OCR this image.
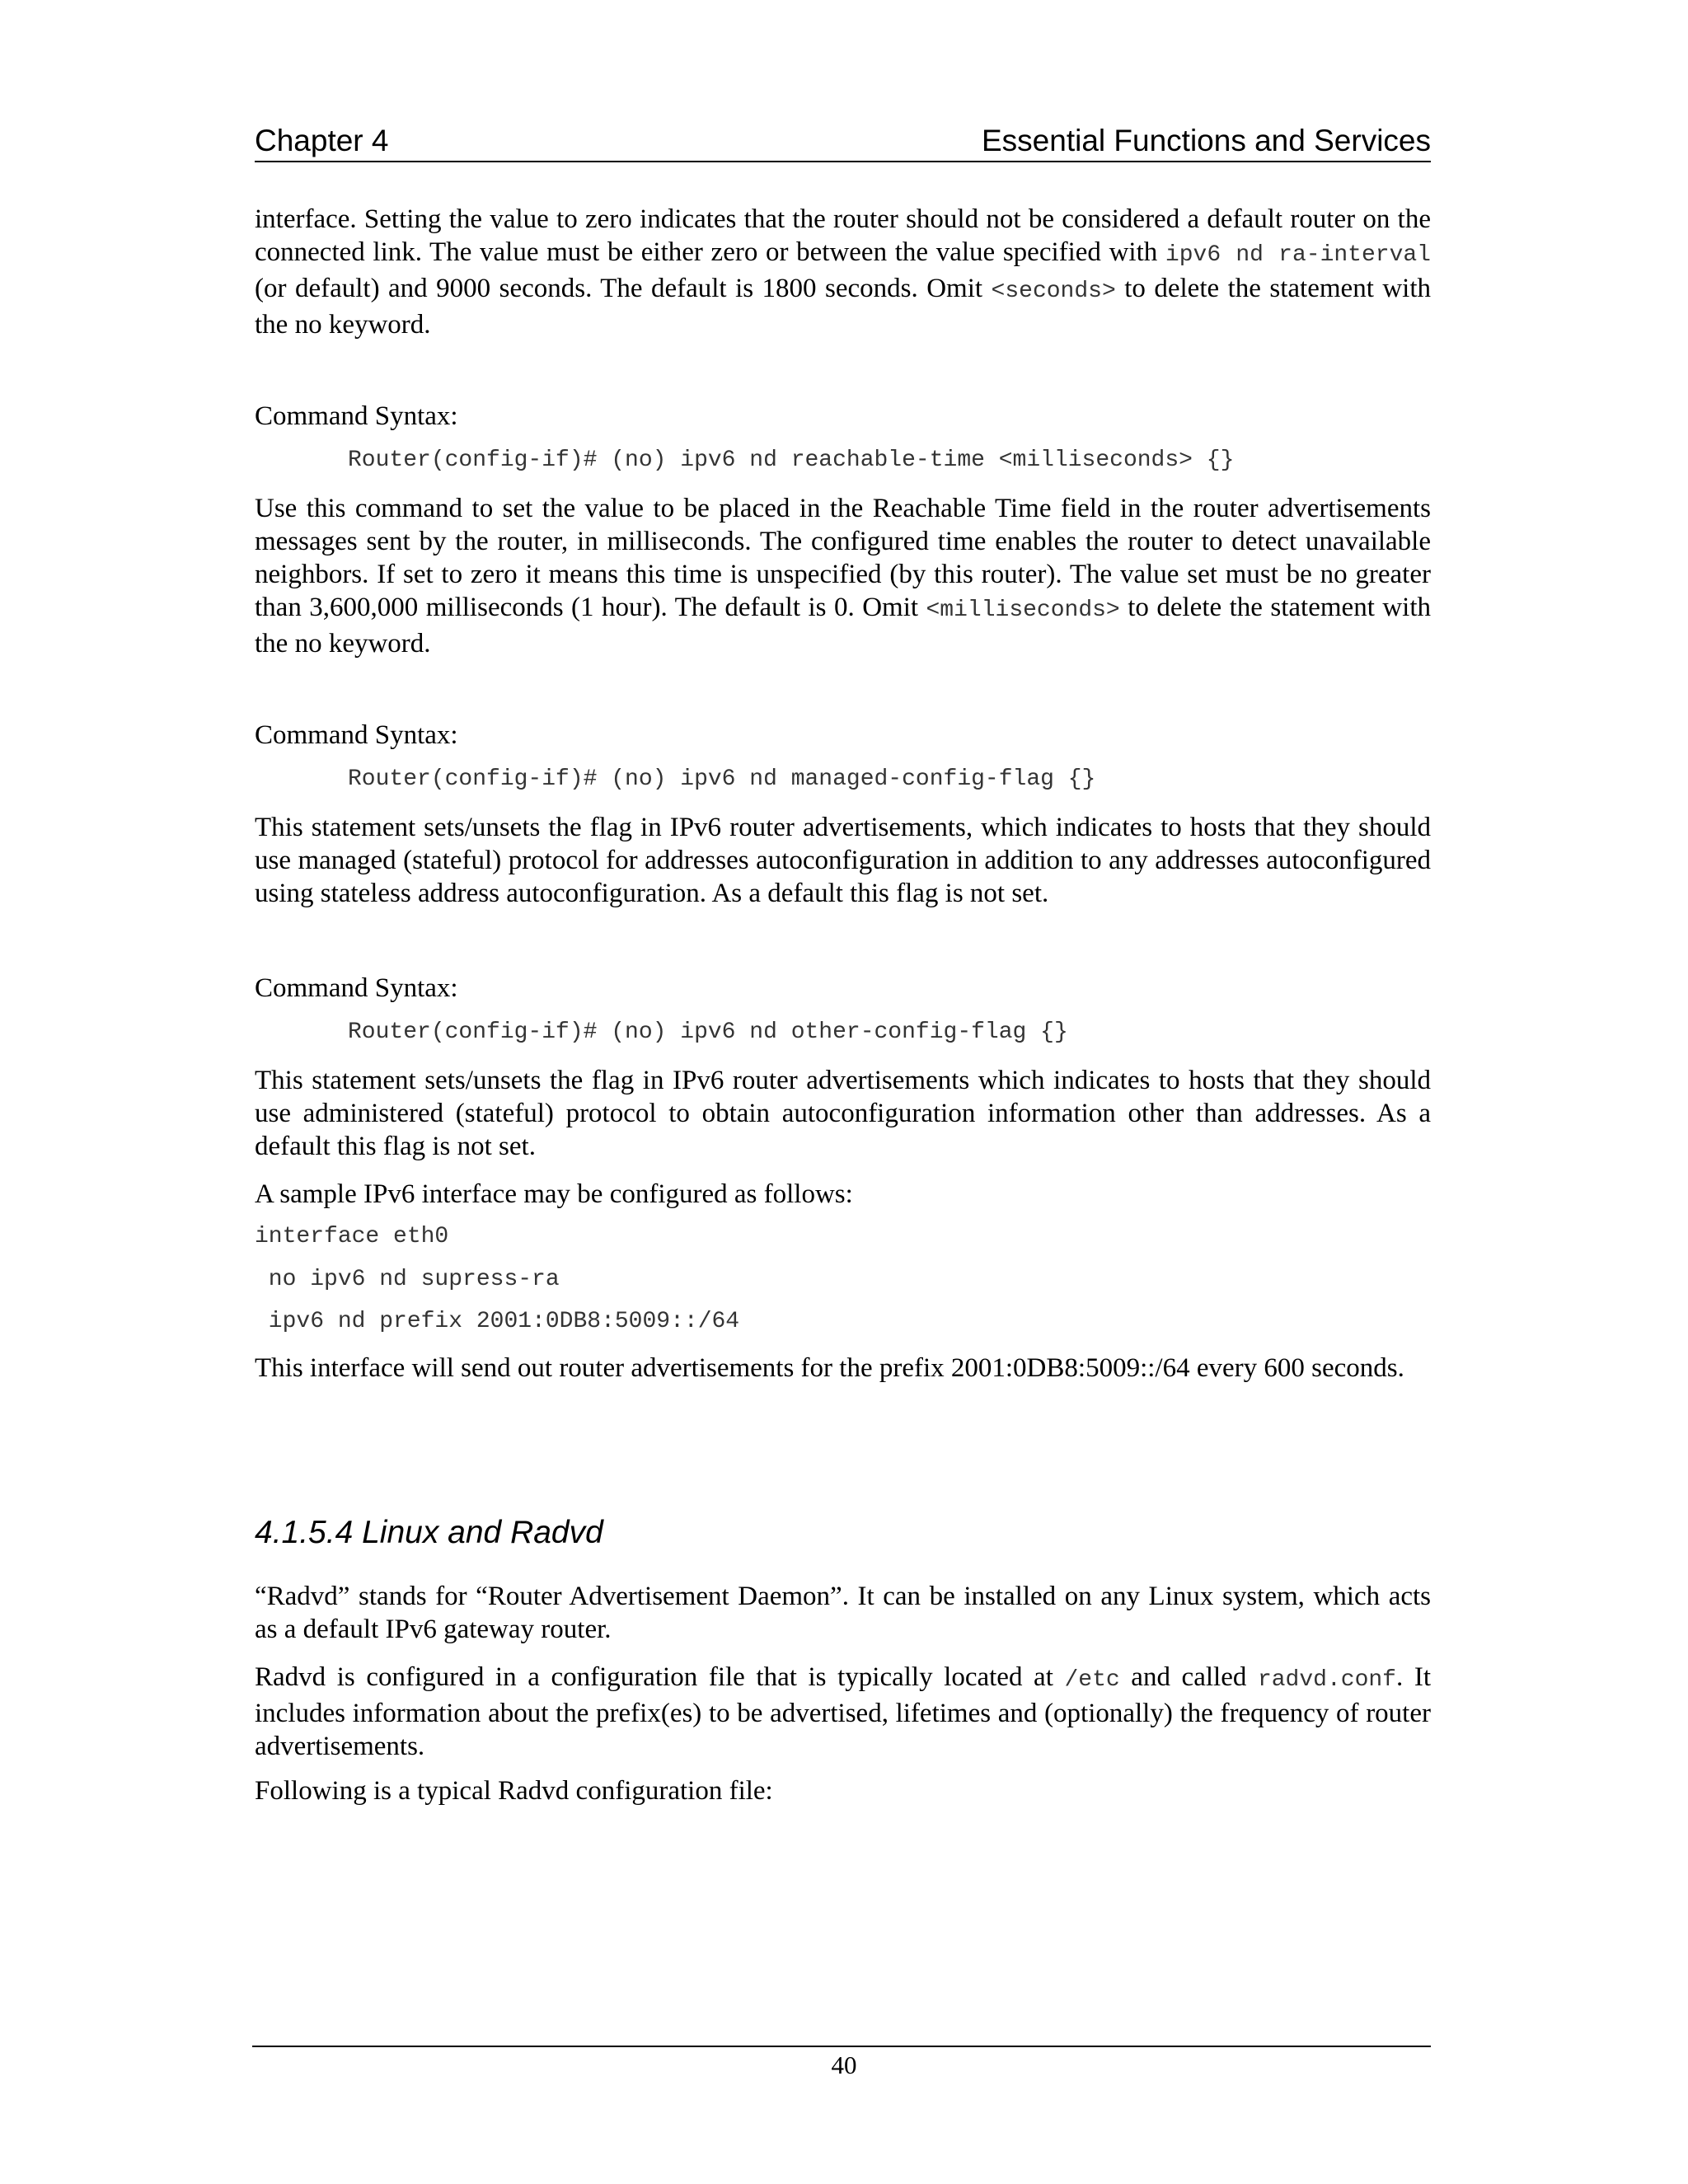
Chapter 4	Essential Functions and Services
interface. Setting the value to zero indicates that the router should not be considered a default router on the connected link. The value must be either zero or between the value specified with ipv6 nd ra-interval (or default) and 9000 seconds. The default is 1800 seconds. Omit <seconds> to delete the statement with the no keyword.
Command Syntax:
Router(config-if)# (no) ipv6 nd reachable-time <milliseconds> {}
Use this command to set the value to be placed in the Reachable Time field in the router advertisements messages sent by the router, in milliseconds. The configured time enables the router to detect unavailable neighbors. If set to zero it means this time is unspecified (by this router). The value set must be no greater than 3,600,000 milliseconds (1 hour). The default is 0. Omit <milliseconds> to delete the statement with the no keyword.
Command Syntax:
Router(config-if)# (no) ipv6 nd managed-config-flag {}
This statement sets/unsets the flag in IPv6 router advertisements, which indicates to hosts that they should use managed (stateful) protocol for addresses autoconfiguration in addition to any addresses autoconfigured using stateless address autoconfiguration. As a default this flag is not set.
Command Syntax:
Router(config-if)# (no) ipv6 nd other-config-flag {}
This statement sets/unsets the flag in IPv6 router advertisements which indicates to hosts that they should use administered (stateful) protocol to obtain autoconfiguration information other than addresses. As a default this flag is not set.
A sample IPv6 interface may be configured as follows:
interface eth0
no ipv6 nd supress-ra
ipv6 nd prefix 2001:0DB8:5009::/64
This interface will send out router advertisements for the prefix 2001:0DB8:5009::/64 every 600 seconds.
4.1.5.4 Linux and Radvd
“Radvd” stands for “Router Advertisement Daemon”. It can be installed on any Linux system, which acts as a default IPv6 gateway router.
Radvd is configured in a configuration file that is typically located at /etc and called radvd.conf. It includes information about the prefix(es) to be advertised, lifetimes and (optionally) the frequency of router advertisements.
Following is a typical Radvd configuration file:
40
